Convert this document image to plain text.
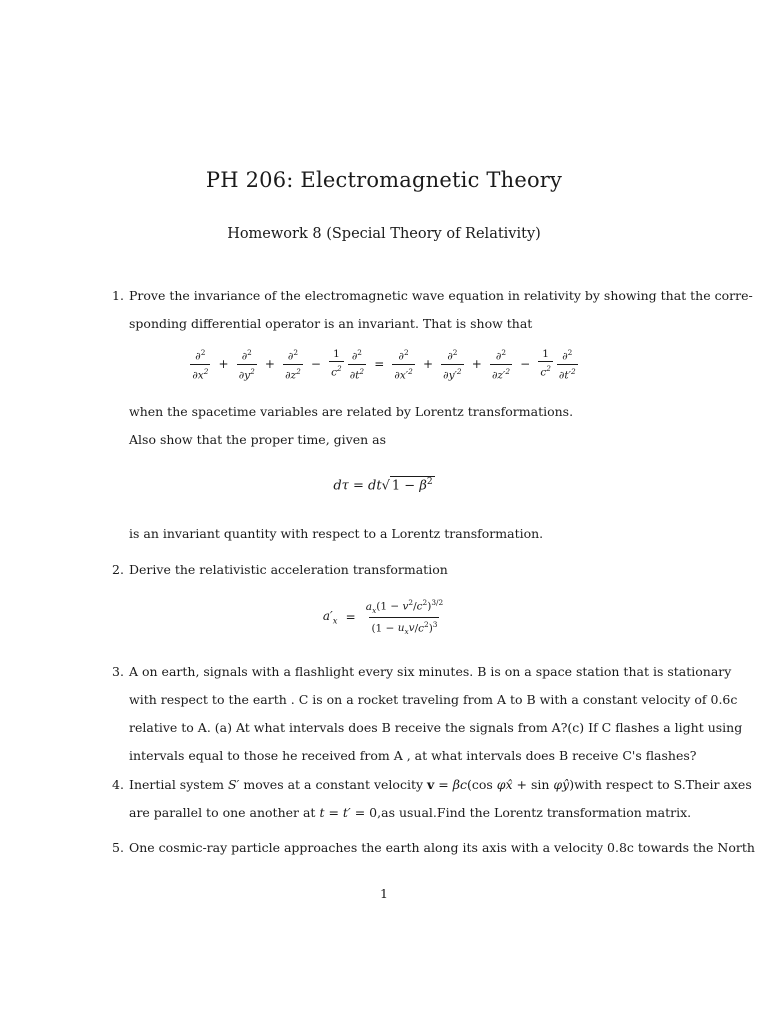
PH 206: Electromagnetic Theory
Homework 8 (Special Theory of Relativity)
1. Prove the invariance of the electromagnetic wave equation in relativity by showing that the corre-
sponding differential operator is an invariant. That is show that
$\frac{\partial^2}{\partial x^2} + \frac{\partial^2}{\partial y^2} + \frac{\partial^2}{\partial z^2} - \frac{1}{c^2} \frac{\partial^2}{\partial t^2} = \frac{\partial^2}{\partial x'^2} + \frac{\partial^2}{\partial y'^2} + \frac{\partial^2}{\partial z'^2} - \frac{1}{c^2} \frac{\partial^2}{\partial t'^2}$
when the spacetime variables are related by Lorentz transformations.
Also show that the proper time, given as
dτ = dt√ $1 - \beta^2$
is an invariant quantity with respect to a Lorentz transformation.
2. Derive the relativistic acceleration transformation
$a'_x = \frac{a_x(1 - v^2/c^2)^{3/2}}{(1 - u_xv/c^2)^3}$
3. A on earth, signals with a flashlight every six minutes. B is on a space station that is stationary
with respect to the earth . C is on a rocket traveling from A to B with a constant velocity of 0.6c
relative to A. (a) At what intervals does B receive the signals from A?(c) If C flashes a light using
intervals equal to those he received from A , at what intervals does B receive C's flashes?
4. Inertial system S′ moves at a constant velocity v = βc(cos φx̂ + sin φŷ)with respect to S.Their axes
are parallel to one another at t = t′ = 0,as usual.Find the Lorentz transformation matrix.
5. One cosmic-ray particle approaches the earth along its axis with a velocity 0.8c towards the North
1
